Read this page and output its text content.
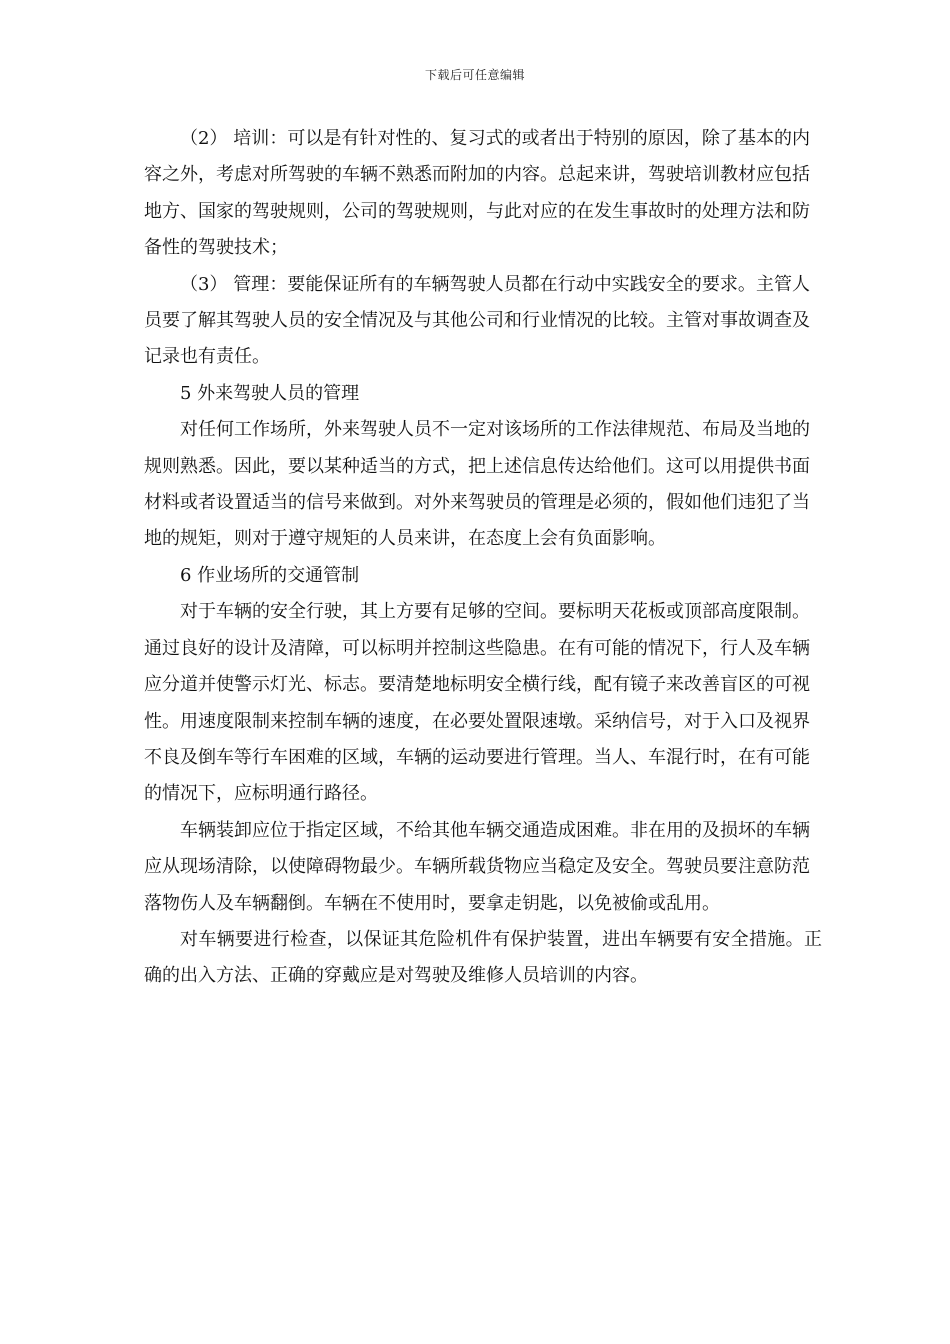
下载后可任意编辑

（2） 培训：可以是有针对性的、复习式的或者出于特别的原因，除了基本的内容之外，考虑对所驾驶的车辆不熟悉而附加的内容。总起来讲，驾驶培训教材应包括地方、国家的驾驶规则，公司的驾驶规则，与此对应的在发生事故时的处理方法和防备性的驾驶技术；

（3） 管理：要能保证所有的车辆驾驶人员都在行动中实践安全的要求。主管人员要了解其驾驶人员的安全情况及与其他公司和行业情况的比较。主管对事故调查及记录也有责任。

5 外来驾驶人员的管理

对任何工作场所，外来驾驶人员不一定对该场所的工作法律规范、布局及当地的规则熟悉。因此，要以某种适当的方式，把上述信息传达给他们。这可以用提供书面材料或者设置适当的信号来做到。对外来驾驶员的管理是必须的，假如他们违犯了当地的规矩，则对于遵守规矩的人员来讲，在态度上会有负面影响。

6 作业场所的交通管制

对于车辆的安全行驶，其上方要有足够的空间。要标明天花板或顶部高度限制。通过良好的设计及清障，可以标明并控制这些隐患。在有可能的情况下，行人及车辆应分道并使警示灯光、标志。要清楚地标明安全横行线，配有镜子来改善盲区的可视性。用速度限制来控制车辆的速度，在必要处置限速墩。采纳信号，对于入口及视界不良及倒车等行车困难的区域，车辆的运动要进行管理。当人、车混行时，在有可能的情况下，应标明通行路径。

车辆装卸应位于指定区域，不给其他车辆交通造成困难。非在用的及损坏的车辆应从现场清除，以使障碍物最少。车辆所载货物应当稳定及安全。驾驶员要注意防范落物伤人及车辆翻倒。车辆在不使用时，要拿走钥匙，以免被偷或乱用。

对车辆要进行检查，以保证其危险机件有保护装置，进出车辆要有安全措施。正确的出入方法、正确的穿戴应是对驾驶及维修人员培训的内容。
